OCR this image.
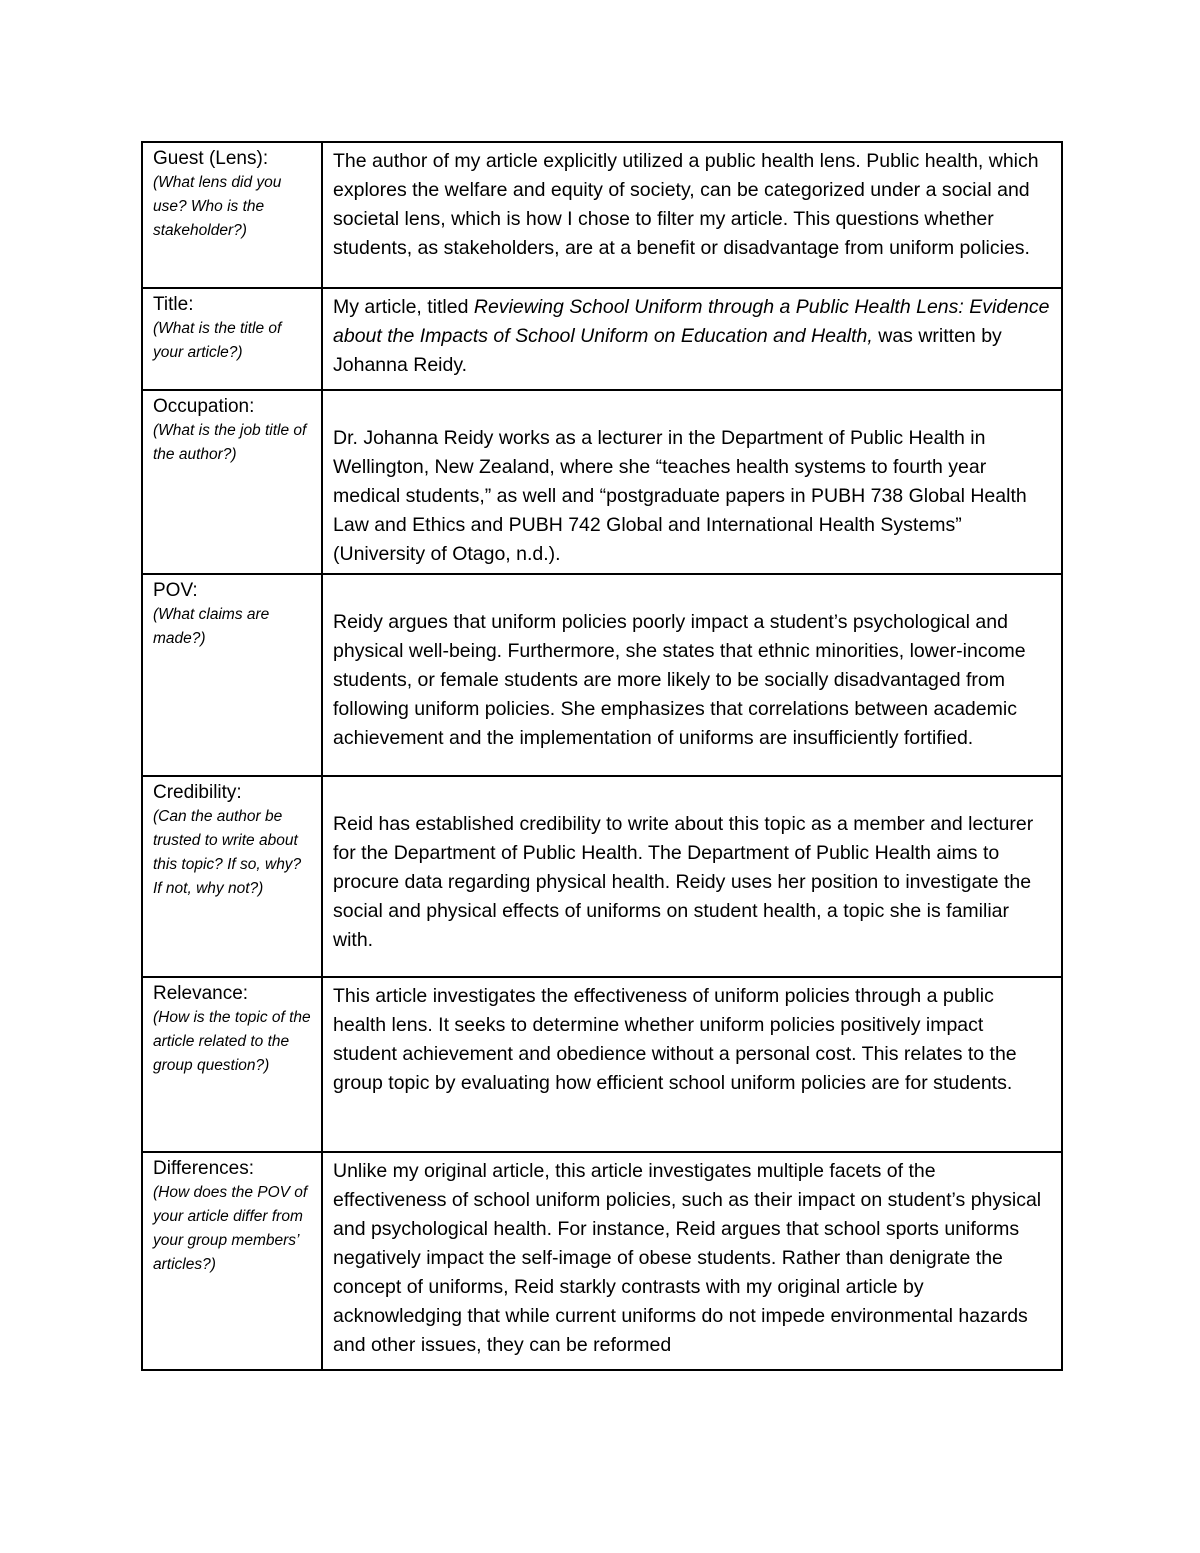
Guest (Lens):
(What lens did you use? Who is the stakeholder?)	The author of my article explicitly utilized a public health lens. Public health, which explores the welfare and equity of society, can be categorized under a social and societal lens, which is how I chose to filter my article. This questions whether students, as stakeholders, are at a benefit or disadvantage from uniform policies.

Title:
(What is the title of your article?)	My article, titled Reviewing School Uniform through a Public Health Lens: Evidence about the Impacts of School Uniform on Education and Health, was written by Johanna Reidy.

Occupation:
(What is the job title of the author?)	Dr. Johanna Reidy works as a lecturer in the Department of Public Health in Wellington, New Zealand, where she “teaches health systems to fourth year medical students,” as well and “postgraduate papers in PUBH 738 Global Health Law and Ethics and PUBH 742 Global and International Health Systems” (University of Otago, n.d.).

POV:
(What claims are made?)	Reidy argues that uniform policies poorly impact a student’s psychological and physical well-being. Furthermore, she states that ethnic minorities, lower-income students, or female students are more likely to be socially disadvantaged from following uniform policies. She emphasizes that correlations between academic achievement and the implementation of uniforms are insufficiently fortified.

Credibility:
(Can the author be trusted to write about this topic? If so, why? If not, why not?)	Reid has established credibility to write about this topic as a member and lecturer for the Department of Public Health. The Department of Public Health aims to procure data regarding physical health. Reidy uses her position to investigate the social and physical effects of uniforms on student health, a topic she is familiar with.

Relevance:
(How is the topic of the article related to the group question?)	This article investigates the effectiveness of uniform policies through a public health lens. It seeks to determine whether uniform policies positively impact student achievement and obedience without a personal cost. This relates to the group topic by evaluating how efficient school uniform policies are for students.

Differences:
(How does the POV of your article differ from your group members’ articles?)	Unlike my original article, this article investigates multiple facets of the effectiveness of school uniform policies, such as their impact on student’s physical and psychological health. For instance, Reid argues that school sports uniforms negatively impact the self-image of obese students. Rather than denigrate the concept of uniforms, Reid starkly contrasts with my original article by acknowledging that while current uniforms do not impede environmental hazards and other issues, they can be reformed
